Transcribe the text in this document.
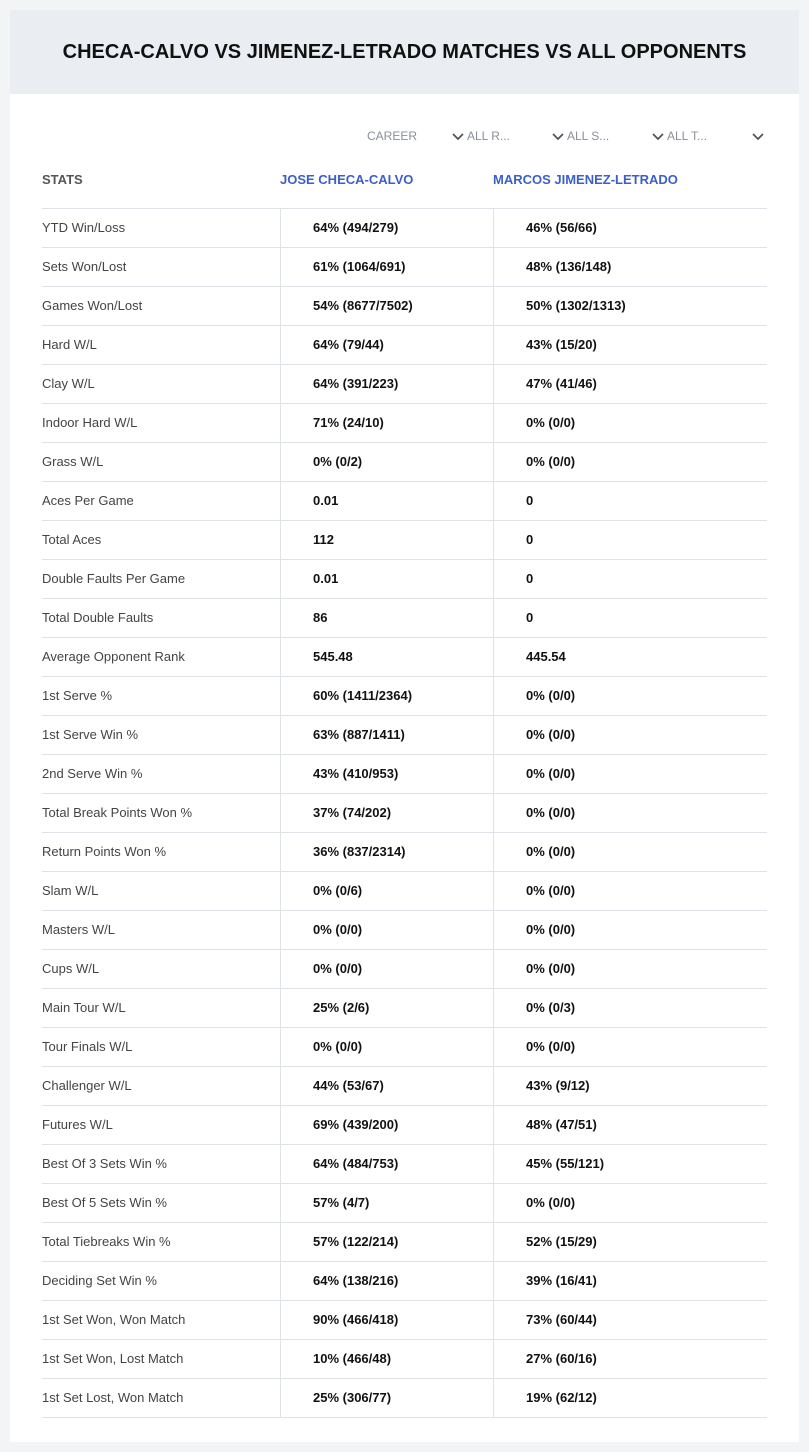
CHECA-CALVO VS JIMENEZ-LETRADO MATCHES VS ALL OPPONENTS
CAREER	ALL R...	ALL S...	ALL T...
STATS	JOSE CHECA-CALVO	MARCOS JIMENEZ-LETRADO
YTD Win/Loss	64% (494/279)	46% (56/66)
Sets Won/Lost	61% (1064/691)	48% (136/148)
Games Won/Lost	54% (8677/7502)	50% (1302/1313)
Hard W/L	64% (79/44)	43% (15/20)
Clay W/L	64% (391/223)	47% (41/46)
Indoor Hard W/L	71% (24/10)	0% (0/0)
Grass W/L	0% (0/2)	0% (0/0)
Aces Per Game	0.01	0
Total Aces	112	0
Double Faults Per Game	0.01	0
Total Double Faults	86	0
Average Opponent Rank	545.48	445.54
1st Serve %	60% (1411/2364)	0% (0/0)
1st Serve Win %	63% (887/1411)	0% (0/0)
2nd Serve Win %	43% (410/953)	0% (0/0)
Total Break Points Won %	37% (74/202)	0% (0/0)
Return Points Won %	36% (837/2314)	0% (0/0)
Slam W/L	0% (0/6)	0% (0/0)
Masters W/L	0% (0/0)	0% (0/0)
Cups W/L	0% (0/0)	0% (0/0)
Main Tour W/L	25% (2/6)	0% (0/3)
Tour Finals W/L	0% (0/0)	0% (0/0)
Challenger W/L	44% (53/67)	43% (9/12)
Futures W/L	69% (439/200)	48% (47/51)
Best Of 3 Sets Win %	64% (484/753)	45% (55/121)
Best Of 5 Sets Win %	57% (4/7)	0% (0/0)
Total Tiebreaks Win %	57% (122/214)	52% (15/29)
Deciding Set Win %	64% (138/216)	39% (16/41)
1st Set Won, Won Match	90% (466/418)	73% (60/44)
1st Set Won, Lost Match	10% (466/48)	27% (60/16)
1st Set Lost, Won Match	25% (306/77)	19% (62/12)
